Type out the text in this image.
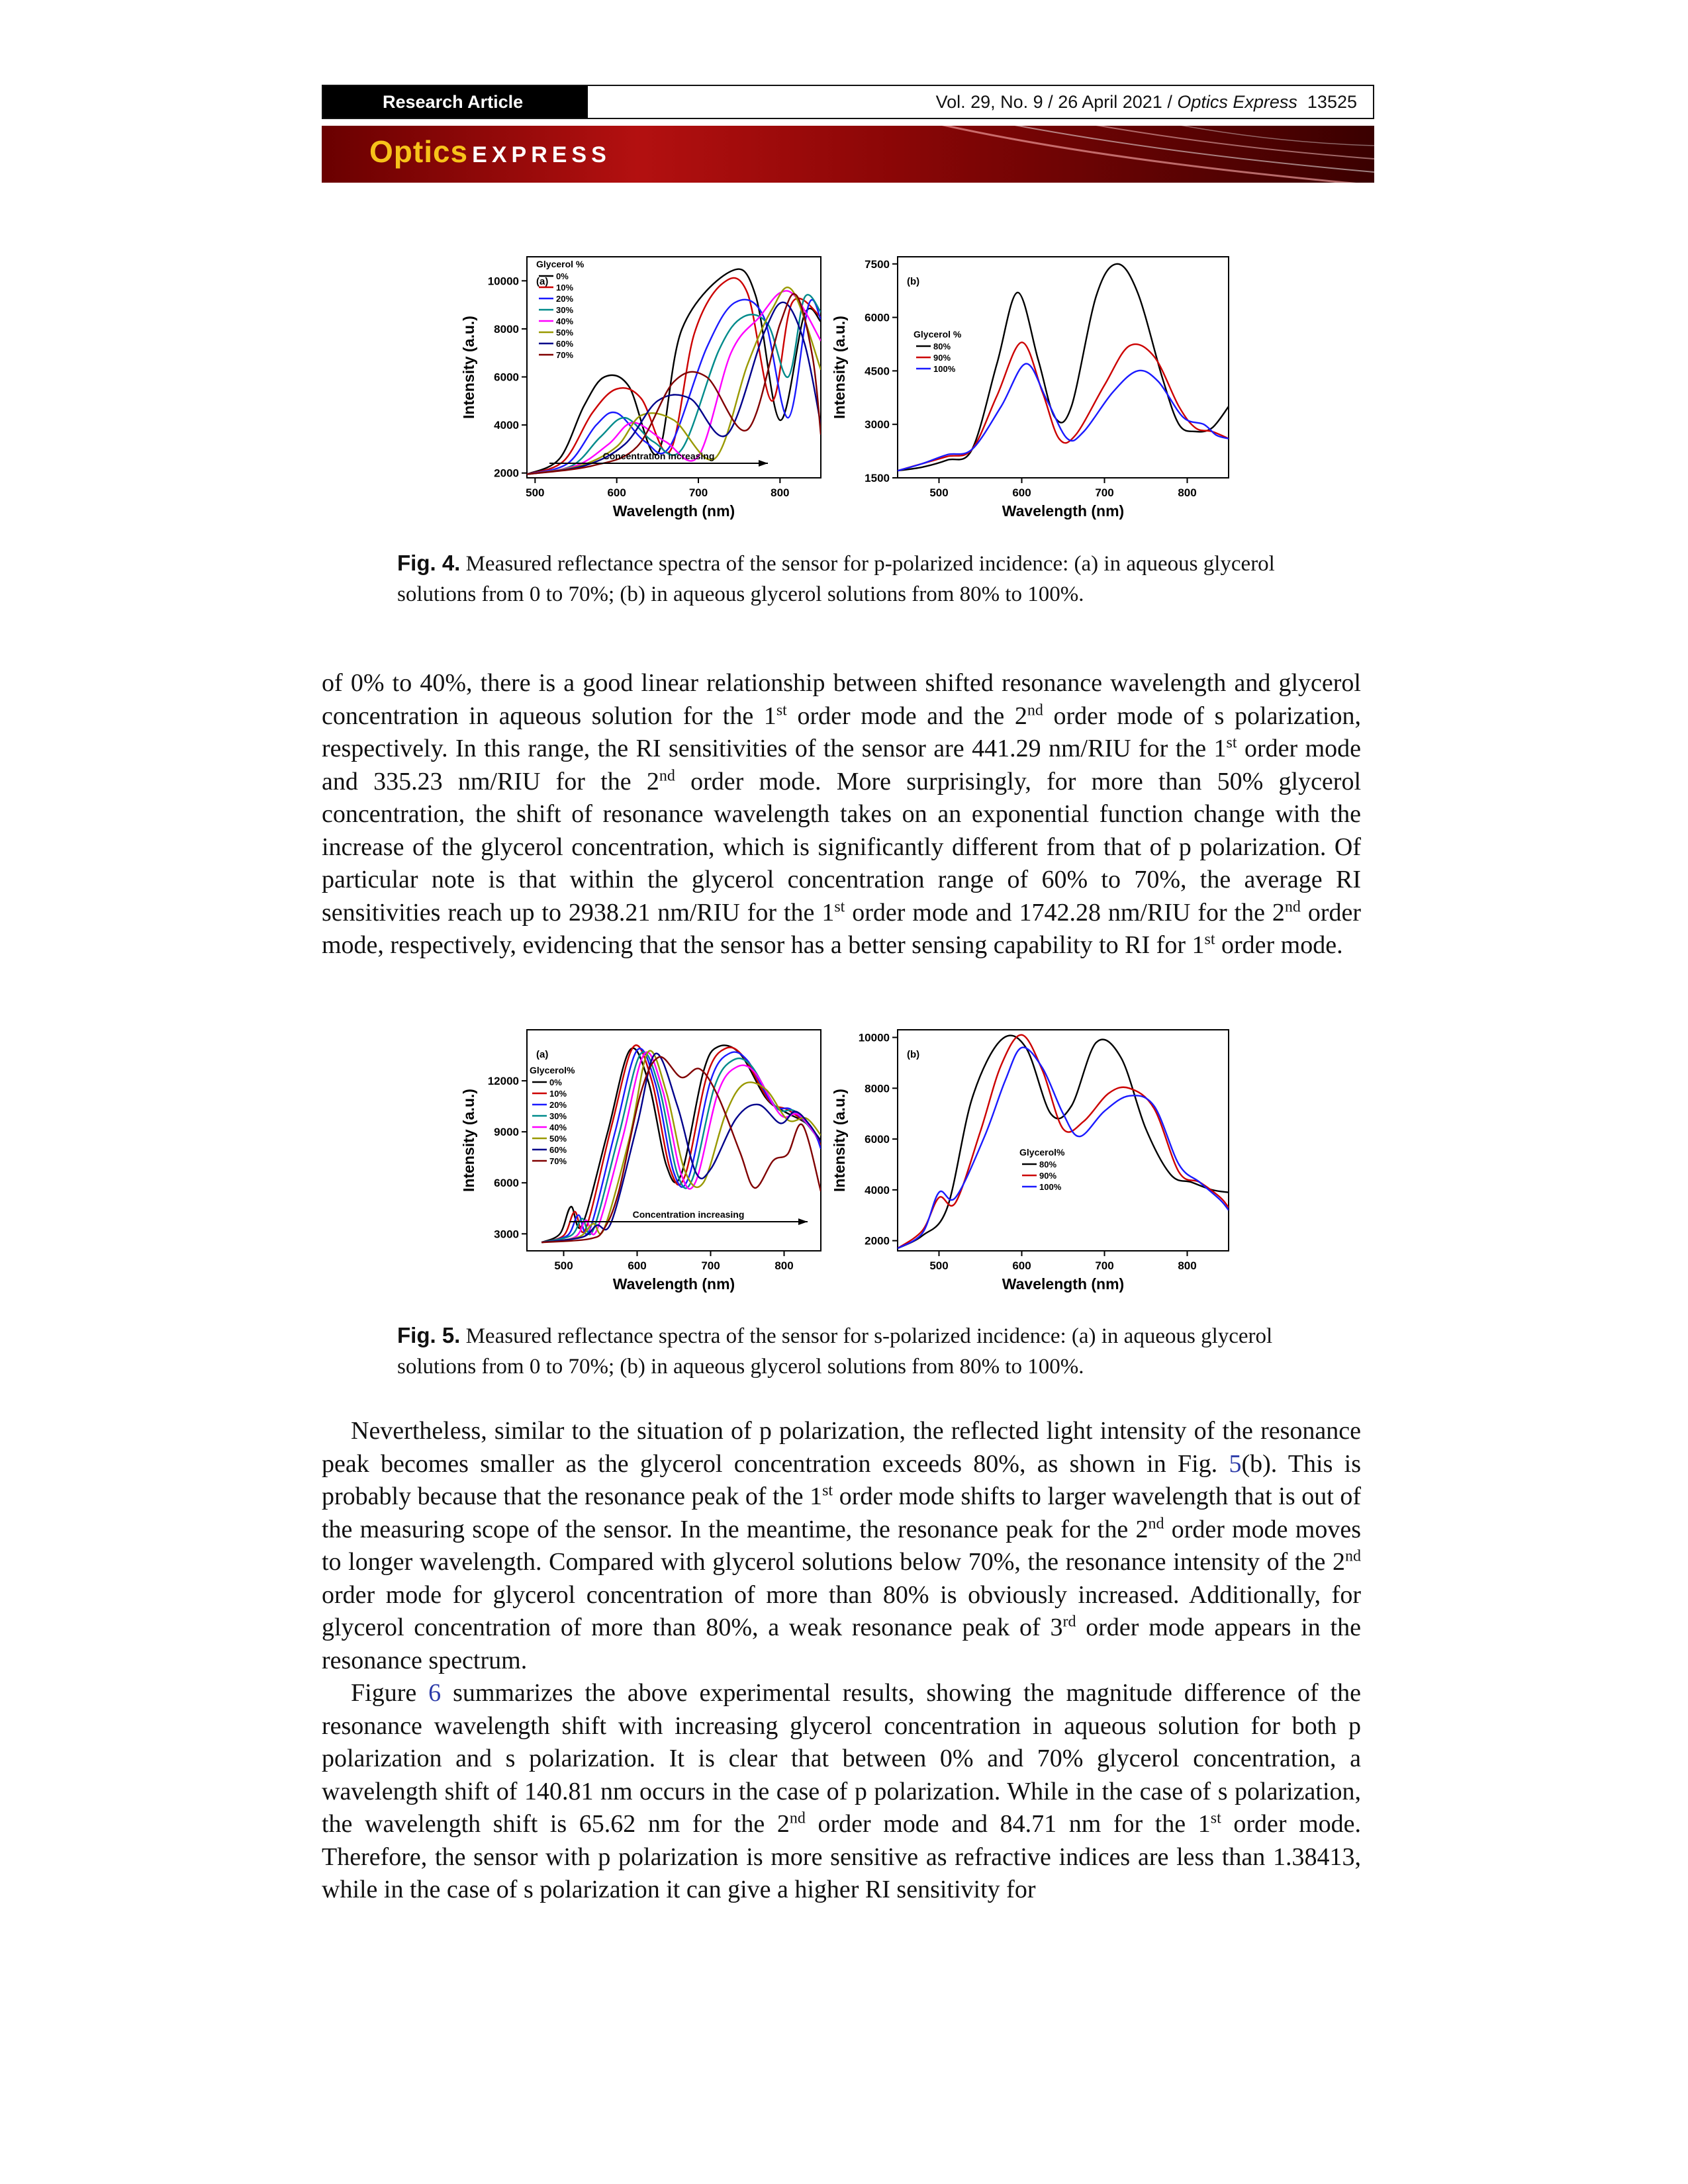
Research Article	Vol. 29, No. 9 / 26 April 2021 / Optics Express 13525
Optics EXPRESS
500	600	700	800
2000
4000
6000
8000
10000
Wavelength (nm)
Intensity (a.u.)
(a)
Glycerol %
0%
10%
20%
30%
40%
50%
60%
70%
Concentration increasing
500	600	700	800
1500
3000
4500
6000
7500
Wavelength (nm)
Intensity (a.u.)
(b)
Glycerol %
80%
90%
100%
Fig. 4. Measured reflectance spectra of the sensor for p-polarized incidence: (a) in aqueous glycerol solutions from 0 to 70%; (b) in aqueous glycerol solutions from 80% to 100%.

of 0% to 40%, there is a good linear relationship between shifted resonance wavelength and glycerol concentration in aqueous solution for the 1st order mode and the 2nd order mode of s polarization, respectively. In this range, the RI sensitivities of the sensor are 441.29 nm/RIU for the 1st order mode and 335.23 nm/RIU for the 2nd order mode. More surprisingly, for more than 50% glycerol concentration, the shift of resonance wavelength takes on an exponential function change with the increase of the glycerol concentration, which is significantly different from that of p polarization. Of particular note is that within the glycerol concentration range of 60% to 70%, the average RI sensitivities reach up to 2938.21 nm/RIU for the 1st order mode and 1742.28 nm/RIU for the 2nd order mode, respectively, evidencing that the sensor has a better sensing capability to RI for 1st order mode.

500	600	700	800
3000
6000
9000
12000
Wavelength (nm)
Intensity (a.u.)
(a)
Glycerol%
0%
10%
20%
30%
40%
50%
60%
70%
Concentration increasing
500	600	700	800
2000
4000
6000
8000
10000
Wavelength (nm)
Intensity (a.u.)
(b)
Glycerol%
80%
90%
100%
Fig. 5. Measured reflectance spectra of the sensor for s-polarized incidence: (a) in aqueous glycerol solutions from 0 to 70%; (b) in aqueous glycerol solutions from 80% to 100%.

Nevertheless, similar to the situation of p polarization, the reflected light intensity of the resonance peak becomes smaller as the glycerol concentration exceeds 80%, as shown in Fig. 5(b). This is probably because that the resonance peak of the 1st order mode shifts to larger wavelength that is out of the measuring scope of the sensor. In the meantime, the resonance peak for the 2nd order mode moves to longer wavelength. Compared with glycerol solutions below 70%, the resonance intensity of the 2nd order mode for glycerol concentration of more than 80% is obviously increased. Additionally, for glycerol concentration of more than 80%, a weak resonance peak of 3rd order mode appears in the resonance spectrum.

Figure 6 summarizes the above experimental results, showing the magnitude difference of the resonance wavelength shift with increasing glycerol concentration in aqueous solution for both p polarization and s polarization. It is clear that between 0% and 70% glycerol concentration, a wavelength shift of 140.81 nm occurs in the case of p polarization. While in the case of s polarization, the wavelength shift is 65.62 nm for the 2nd order mode and 84.71 nm for the 1st order mode. Therefore, the sensor with p polarization is more sensitive as refractive indices are less than 1.38413, while in the case of s polarization it can give a higher RI sensitivity for
